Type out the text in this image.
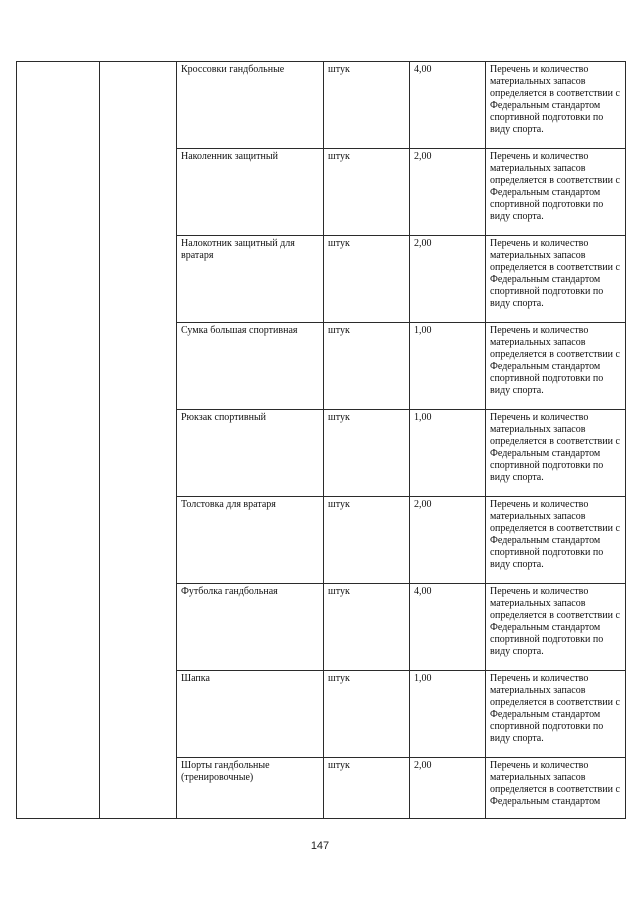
		Кроссовки гандбольные	штук	4,00	Перечень и количество материальных запасов определяется в соответствии с Федеральным стандартом спортивной подготовки по виду спорта.
		Наколенник защитный	штук	2,00	Перечень и количество материальных запасов определяется в соответствии с Федеральным стандартом спортивной подготовки по виду спорта.
		Налокотник защитный для вратаря	штук	2,00	Перечень и количество материальных запасов определяется в соответствии с Федеральным стандартом спортивной подготовки по виду спорта.
		Сумка большая спортивная	штук	1,00	Перечень и количество материальных запасов определяется в соответствии с Федеральным стандартом спортивной подготовки по виду спорта.
		Рюкзак спортивный	штук	1,00	Перечень и количество материальных запасов определяется в соответствии с Федеральным стандартом спортивной подготовки по виду спорта.
		Толстовка для вратаря	штук	2,00	Перечень и количество материальных запасов определяется в соответствии с Федеральным стандартом спортивной подготовки по виду спорта.
		Футболка гандбольная	штук	4,00	Перечень и количество материальных запасов определяется в соответствии с Федеральным стандартом спортивной подготовки по виду спорта.
		Шапка	штук	1,00	Перечень и количество материальных запасов определяется в соответствии с Федеральным стандартом спортивной подготовки по виду спорта.
		Шорты гандбольные (тренировочные)	штук	2,00	Перечень и количество материальных запасов определяется в соответствии с Федеральным стандартом
147
